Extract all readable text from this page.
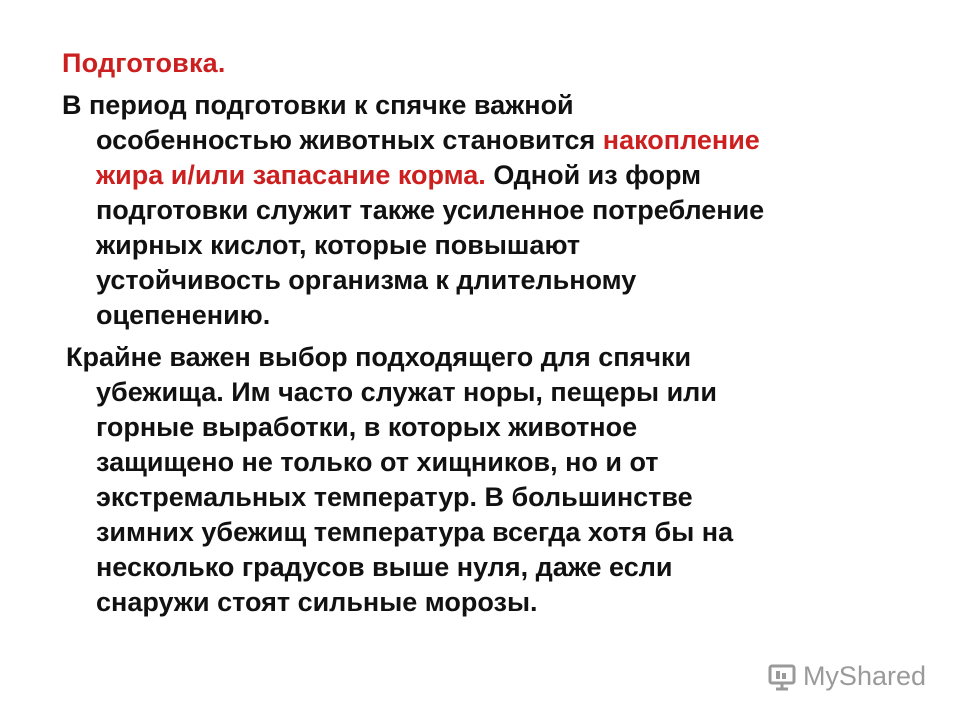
Подготовка.
В период подготовки к спячке важной
особенностью животных становится накопление
жира и/или запасание корма. Одной из форм
подготовки служит также усиленное потребление
жирных кислот, которые повышают
устойчивость организма к длительному
оцепенению.
Крайне важен выбор подходящего для спячки
убежища. Им часто служат норы, пещеры или
горные выработки, в которых животное
защищено не только от хищников, но и от
экстремальных температур. В большинстве
зимних убежищ температура всегда хотя бы на
несколько градусов выше нуля, даже если
снаружи стоят сильные морозы.
MyShared
